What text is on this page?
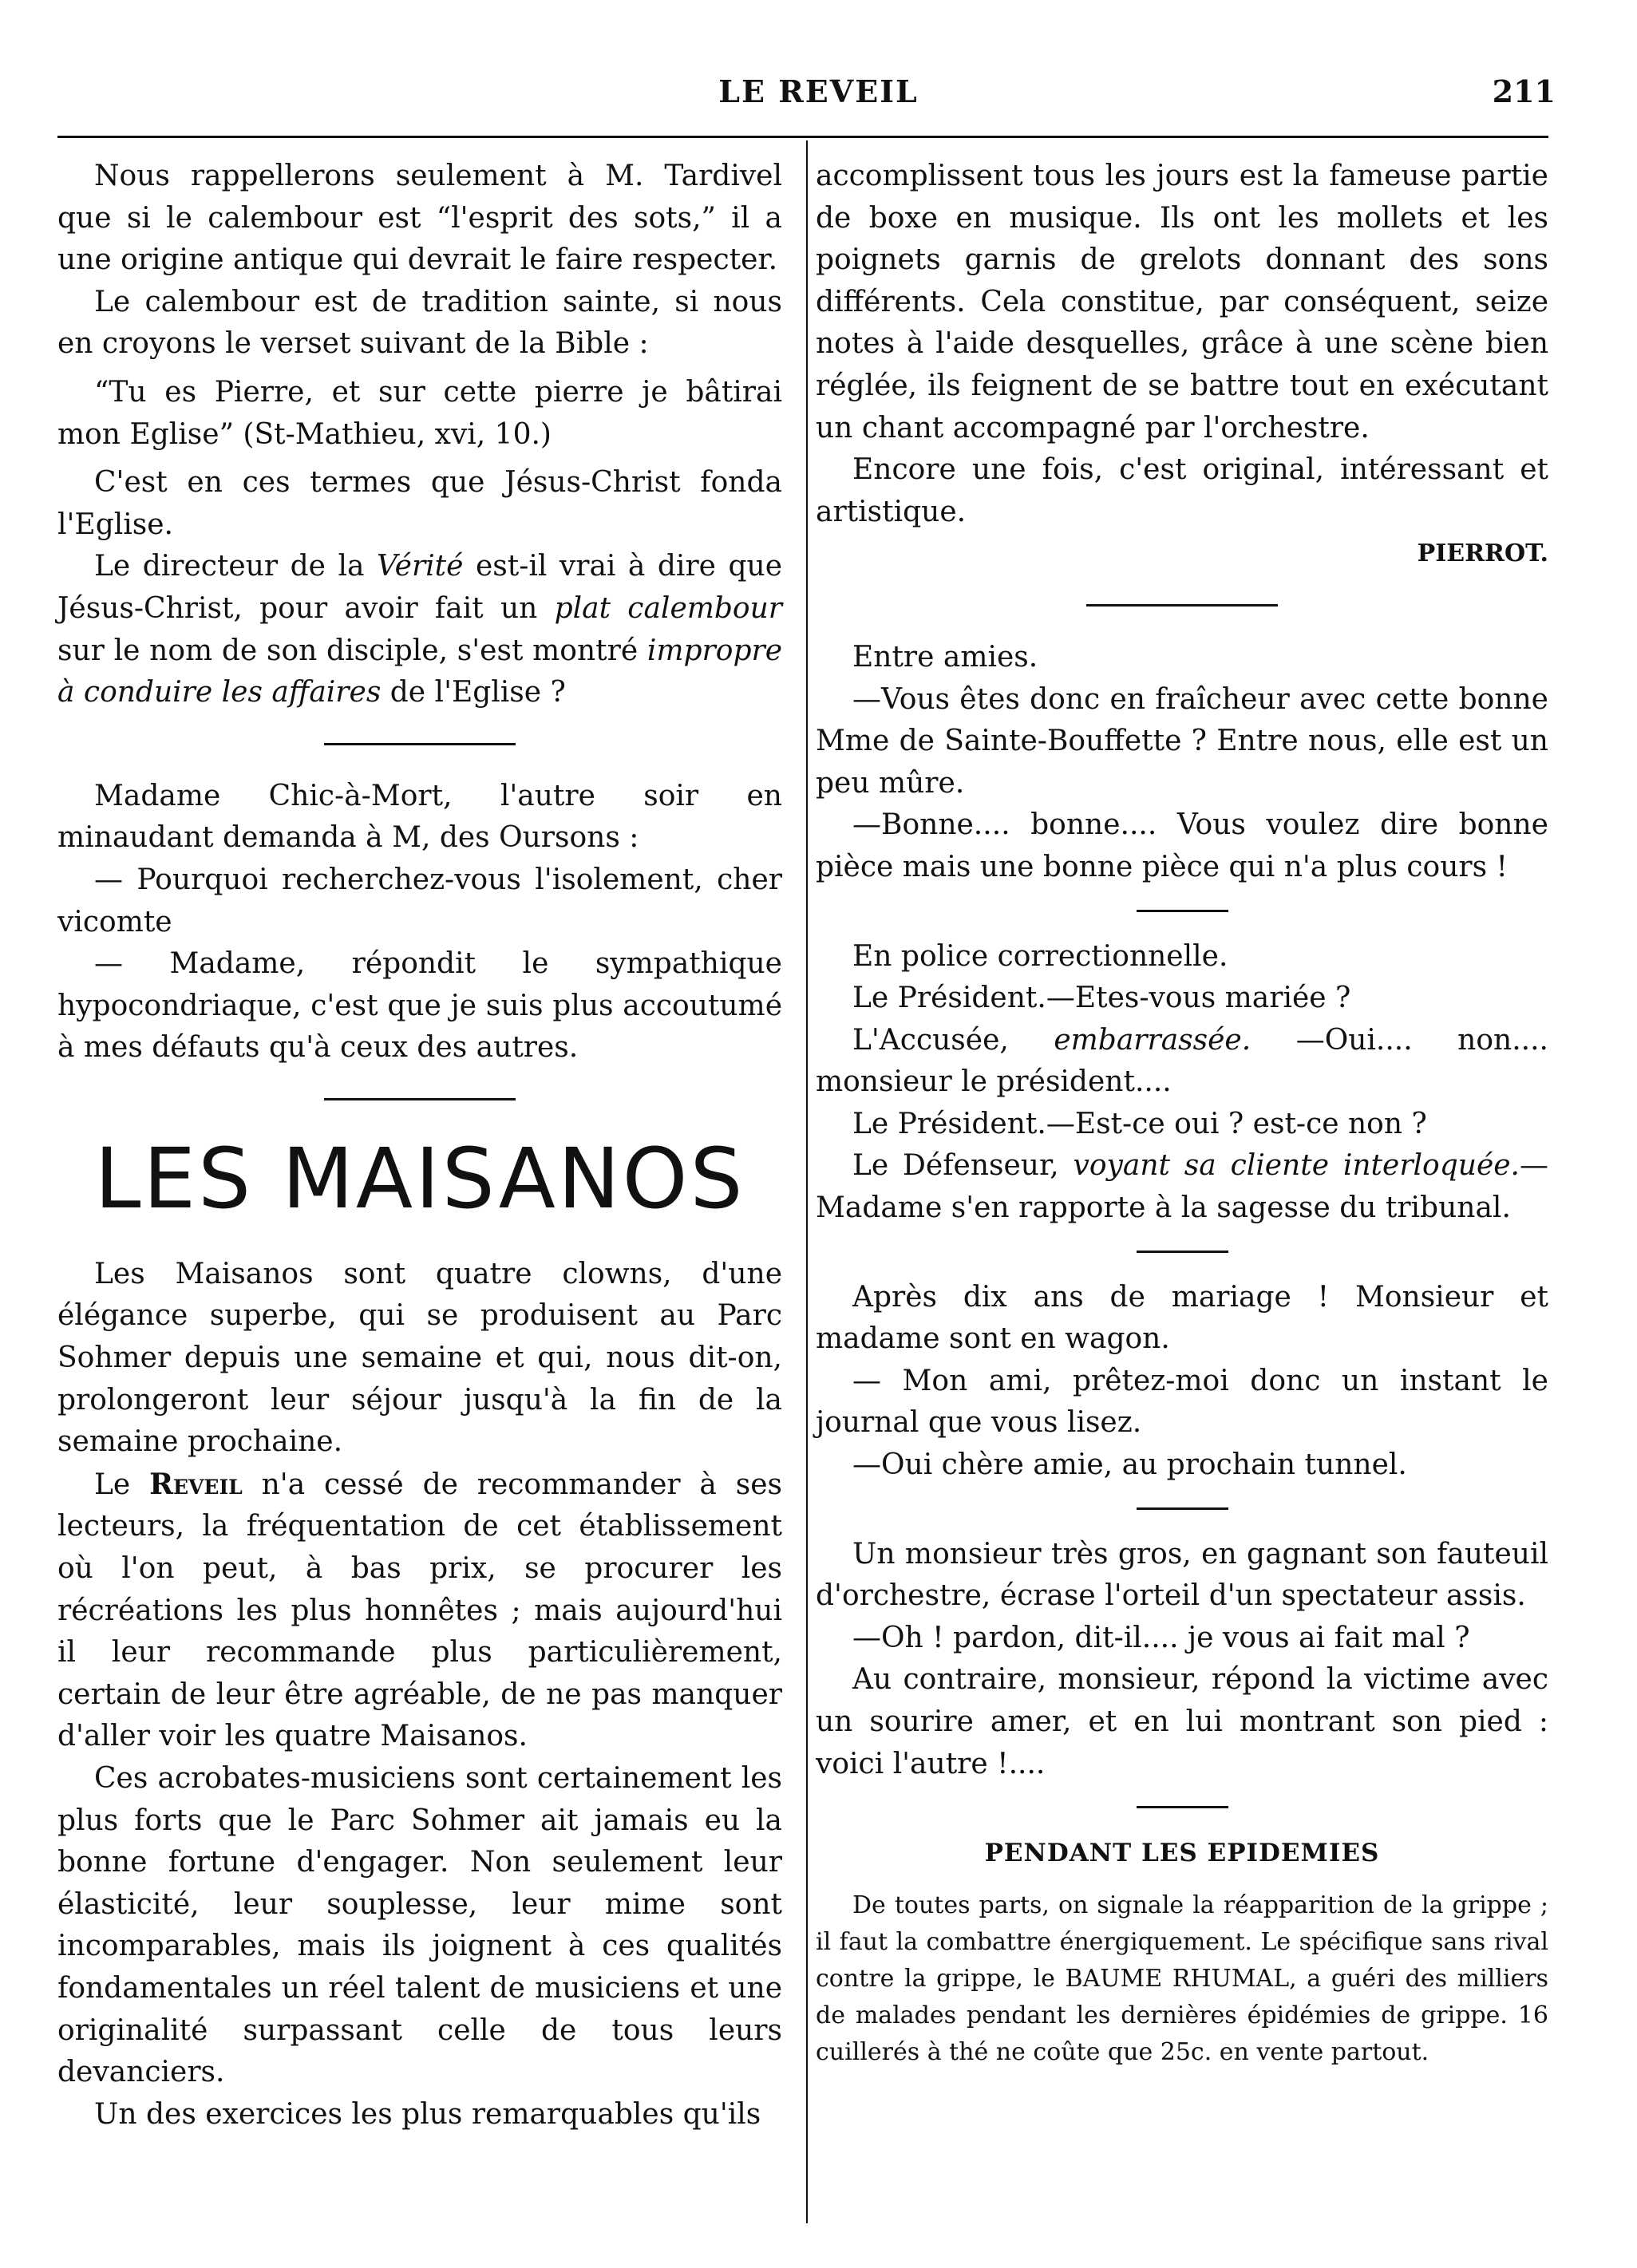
LE REVEIL	211

Nous rappellerons seulement à M. Tardivel que si le calembour est “l'esprit des sots,” il a une origine antique qui devrait le faire respecter.

Le calembour est de tradition sainte, si nous en croyons le verset suivant de la Bible :

“Tu es Pierre, et sur cette pierre je bâtirai mon Eglise” (St-Mathieu, xvi, 10.)

C'est en ces termes que Jésus-Christ fonda l'Eglise.

Le directeur de la Vérité est-il vrai à dire que Jésus-Christ, pour avoir fait un plat calembour sur le nom de son disciple, s'est montré impropre à conduire les affaires de l'Eglise ?

Madame Chic-à-Mort, l'autre soir en minaudant demanda à M, des Oursons :

— Pourquoi recherchez-vous l'isolement, cher vicomte

— Madame, répondit le sympathique hypocondriaque, c'est que je suis plus accoutumé à mes défauts qu'à ceux des autres.

LES MAISANOS

Les Maisanos sont quatre clowns, d'une élégance superbe, qui se produisent au Parc Sohmer depuis une semaine et qui, nous dit-on, prolongeront leur séjour jusqu'à la fin de la semaine prochaine.

Le Reveil n'a cessé de recommander à ses lecteurs, la fréquentation de cet établissement où l'on peut, à bas prix, se procurer les récréations les plus honnêtes ; mais aujourd'hui il leur recommande plus particulièrement, certain de leur être agréable, de ne pas manquer d'aller voir les quatre Maisanos.

Ces acrobates-musiciens sont certainement les plus forts que le Parc Sohmer ait jamais eu la bonne fortune d'engager. Non seulement leur élasticité, leur souplesse, leur mime sont incomparables, mais ils joignent à ces qualités fondamentales un réel talent de musiciens et une originalité surpassant celle de tous leurs devanciers.

Un des exercices les plus remarquables qu'ils

accomplissent tous les jours est la fameuse partie de boxe en musique. Ils ont les mollets et les poignets garnis de grelots donnant des sons différents. Cela constitue, par conséquent, seize notes à l'aide desquelles, grâce à une scène bien réglée, ils feignent de se battre tout en exécutant un chant accompagné par l'orchestre.

Encore une fois, c'est original, intéressant et artistique.

PIERROT.

Entre amies.

—Vous êtes donc en fraîcheur avec cette bonne Mme de Sainte-Bouffette ? Entre nous, elle est un peu mûre.

—Bonne.... bonne.... Vous voulez dire bonne pièce mais une bonne pièce qui n'a plus cours !

En police correctionnelle.

Le Président.—Etes-vous mariée ?

L'Accusée, embarrassée. —Oui.... non.... monsieur le président....

Le Président.—Est-ce oui ? est-ce non ?

Le Défenseur, voyant sa cliente interloquée.— Madame s'en rapporte à la sagesse du tribunal.

Après dix ans de mariage ! Monsieur et madame sont en wagon.

— Mon ami, prêtez-moi donc un instant le journal que vous lisez.

—Oui chère amie, au prochain tunnel.

Un monsieur très gros, en gagnant son fauteuil d'orchestre, écrase l'orteil d'un spectateur assis.

—Oh ! pardon, dit-il.... je vous ai fait mal ?

Au contraire, monsieur, répond la victime avec un sourire amer, et en lui montrant son pied : voici l'autre !....

PENDANT LES EPIDEMIES

De toutes parts, on signale la réapparition de la grippe ; il faut la combattre énergiquement. Le spécifique sans rival contre la grippe, le BAUME RHUMAL, a guéri des milliers de malades pendant les dernières épidémies de grippe. 16 cuillerés à thé ne coûte que 25c. en vente partout.
